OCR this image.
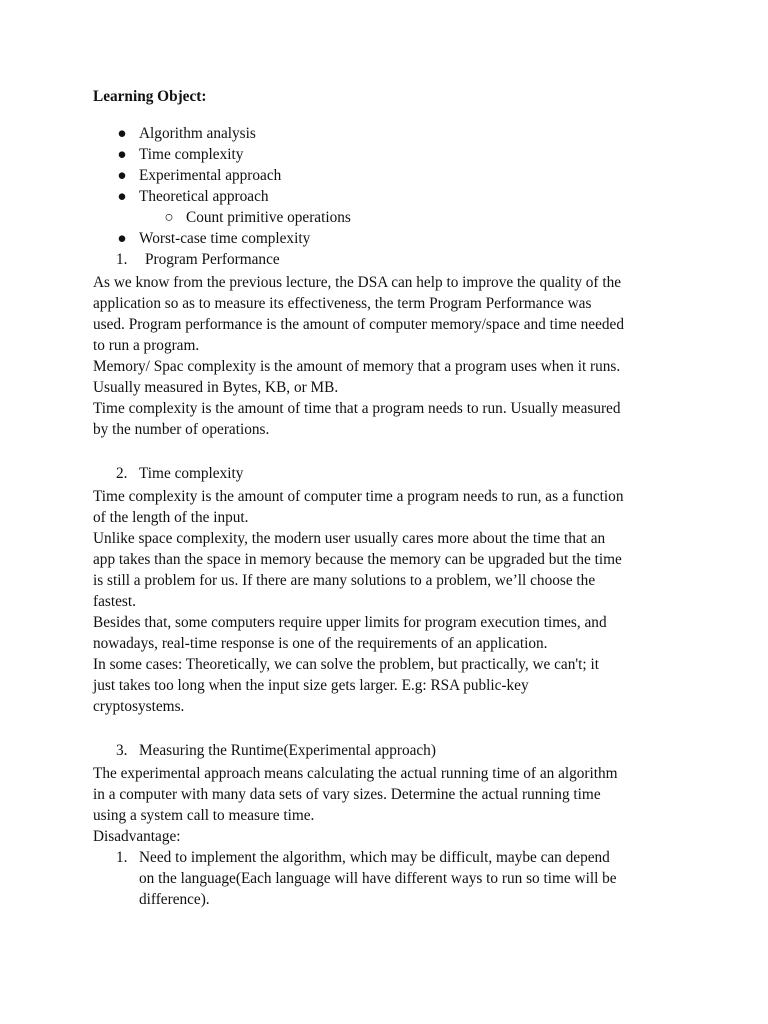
Learning Object:
● Algorithm analysis
● Time complexity
● Experimental approach
● Theoretical approach
○ Count primitive operations
● Worst-case time complexity
1. Program Performance
As we know from the previous lecture, the DSA can help to improve the quality of the
application so as to measure its effectiveness, the term Program Performance was
used. Program performance is the amount of computer memory/space and time needed
to run a program.
Memory/ Spac complexity is the amount of memory that a program uses when it runs.
Usually measured in Bytes, KB, or MB.
Time complexity is the amount of time that a program needs to run. Usually measured
by the number of operations.
2. Time complexity
Time complexity is the amount of computer time a program needs to run, as a function
of the length of the input.
Unlike space complexity, the modern user usually cares more about the time that an
app takes than the space in memory because the memory can be upgraded but the time
is still a problem for us. If there are many solutions to a problem, we’ll choose the
fastest.
Besides that, some computers require upper limits for program execution times, and
nowadays, real-time response is one of the requirements of an application.
In some cases: Theoretically, we can solve the problem, but practically, we can't; it
just takes too long when the input size gets larger. E.g: RSA public-key
cryptosystems.
3. Measuring the Runtime(Experimental approach)
The experimental approach means calculating the actual running time of an algorithm
in a computer with many data sets of vary sizes. Determine the actual running time
using a system call to measure time.
Disadvantage:
1. Need to implement the algorithm, which may be difficult, maybe can depend
on the language(Each language will have different ways to run so time will be
difference).
